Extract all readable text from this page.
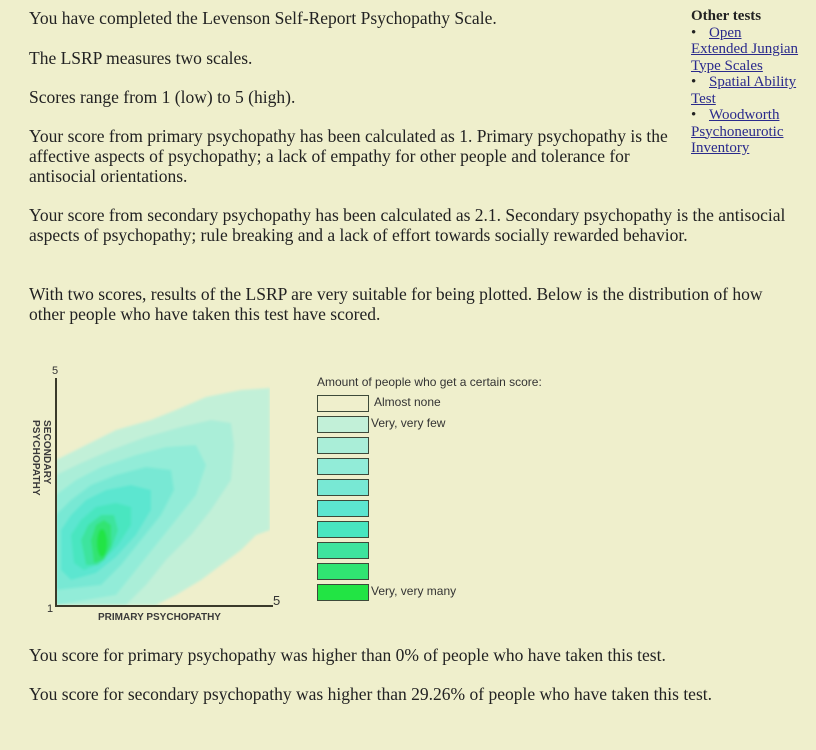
You have completed the Levenson Self-Report Psychopathy Scale.
The LSRP measures two scales.
Scores range from 1 (low) to 5 (high).
Your score from primary psychopathy has been calculated as 1. Primary psychopathy is the affective aspects of psychopathy; a lack of empathy for other people and tolerance for antisocial orientations.
Your score from secondary psychopathy has been calculated as 2.1. Secondary psychopathy is the antisocial aspects of psychopathy; rule breaking and a lack of effort towards socially rewarded behavior.
With two scores, results of the LSRP are very suitable for being plotted. Below is the distribution of how other people who have taken this test have scored.
Other tests
• Open Extended Jungian Type Scales
• Spatial Ability Test
• Woodworth Psychoneurotic Inventory
5
1
5
SECONDARY PSYCHOPATHY
PRIMARY PSYCHOPATHY
Amount of people who get a certain score:
Almost none
Very, very few
Very, very many
You score for primary psychopathy was higher than 0% of people who have taken this test.
You score for secondary psychopathy was higher than 29.26% of people who have taken this test.
